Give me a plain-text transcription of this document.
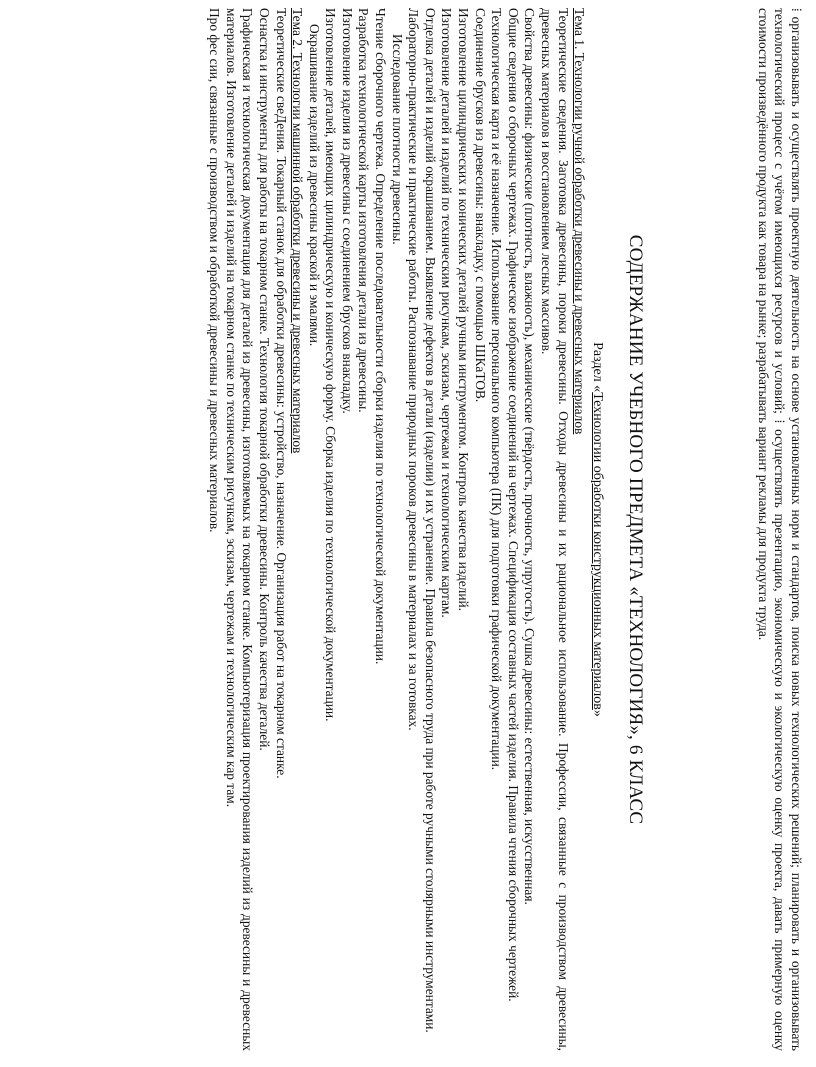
⁞ организовывать и осуществлять проектную деятельность на основе установленных норм и стандартов, поиска новых технологических решений; планировать и организовывать технологический процесс с учётом имеющихся ресурсов и условий; ⁞ осуществлять презентацию, экономическую и экологическую оценку проекта, давать примерную оценку стоимости произведённого продукта как товара на рынке; разрабатывать вариант рекламы для продукта труда.

СОДЕРЖАНИЕ УЧЕБНОГО ПРЕДМЕТА «ТЕХНОЛОГИЯ», 6 КЛАСС

Раздел «Технологии обработки конструкционных материалов»

Тема 1. Технологии ручной обработки древесины и древесных материалов

Теоретические сведения. Заготовка древесины, пороки древесины. Отходы древесины и их рациональное использование. Профессии, связанные с производством древесины, древесных материалов и восстановлением лесных массивов.

Свойства древесины: физические (плотность, влажность), механические (твёрдость, прочность, упругость). Сушка древесины: естественная, искусственная.

Общие сведения о сборочных чертежах. Графическое изображение соединений на чертежах. Спецификация составных частей изделия. Правила чтения сборочных чертежей.

Технологическая карта и её назначение. Использование персонального компьютера (ПК) для подготовки графической документации.

Соединение брусков из древесины: внакладку, с помощью ШКаТОВ.

Изготовление цилиндрических и конических деталей ручным инструментом. Контроль качества изделий.

Изготовление деталей и изделий по техническим рисункам, эскизам, чертежам и технологическим картам.

Отделка деталей и изделий окрашиванием. Выявление дефектов в детали (изделии) и их устранение. Правила безопасного труда при работе ручными столярными инструментами.

Лабораторно-практические и практические работы. Распознавание природных пороков древесины в материалах и за готовках.

Исследование плотности древесины.

Чтение сборочного чертежа. Определение последовательности сборки изделия по технологической документации.

Разработка технологической карты изготовления детали из древесины.

Изготовление изделия из древесины с соединением брусков внакладку.

Изготовление деталей, имеющих цилиндрическую и коническую форму. Сборка изделия по технологической документации.

Окрашивание изделий из древесины краской и эмалями.

Тема 2. Технологии машинной обработки древесины и древесных материалов

Теоретические свеДения. Токарный станок для обработки древесины: устройство, назначение. Организация работ на токарном станке.

Оснастка и инструменты для работы на токарном станке. Технология токарной обработки древесины. Контроль качества деталей.

Графическая и технологическая документация для деталей из древесины, изготовляемых на токарном станке. Компьютеризация проектирования изделий из древесины и древесных материалов. Изготовление деталей и изделий на токарном станке по техническим рисункам, эскизам, чертежам и технологическим кар там.

Про фес сии, связанные с производством и обработкой древесины и древесных материалов.
